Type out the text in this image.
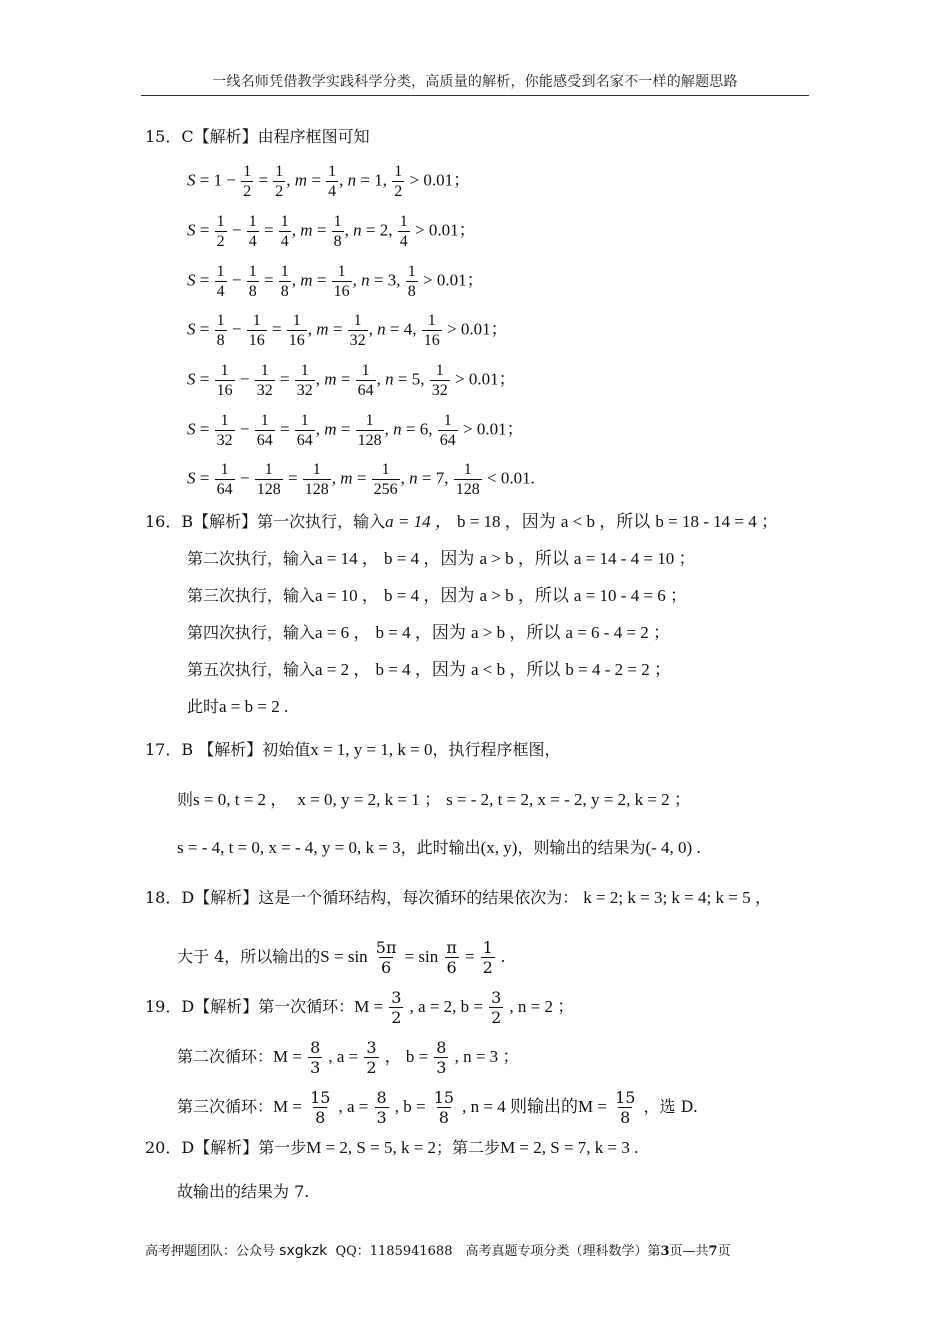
一线名师凭借教学实践科学分类，高质量的解析，你能感受到名家不一样的解题思路
15．C【解析】由程序框图可知
$S = 1 - \frac{1}{2} = \frac{1}{2}$ , $m = \frac{1}{4}$ , n = 1, $\frac{1}{2} > 0.01$；
$S = \frac{1}{2} - \frac{1}{4} = \frac{1}{4}$ , $m = \frac{1}{8}$ , n = 2, $\frac{1}{4} > 0.01$；
$S = \frac{1}{4} - \frac{1}{8} = \frac{1}{8}$ , $m = \frac{1}{16}$ , n = 3, $\frac{1}{8} > 0.01$；
$S = \frac{1}{8} - \frac{1}{16} = \frac{1}{16}$ , $m = \frac{1}{32}$ , n = 4, $\frac{1}{16} > 0.01$；
$S = \frac{1}{16} - \frac{1}{32} = \frac{1}{32}$ , $m = \frac{1}{64}$ , n = 5, $\frac{1}{32} > 0.01$；
$S = \frac{1}{32} - \frac{1}{64} = \frac{1}{64}$ , $m = \frac{1}{128}$ , n = 6, $\frac{1}{64} > 0.01$；
$S = \frac{1}{64} - \frac{1}{128} = \frac{1}{128}$ , $m = \frac{1}{256}$ , n = 7, $\frac{1}{128} < 0.01$.
16．B【解析】第一次执行，输入a = 14 ， b = 18 ，因为 a < b ，所以 b = 18 - 14 = 4 ；
第二次执行，输入a = 14 ， b = 4 ，因为 a > b ，所以 a = 14 - 4 = 10 ；
第三次执行，输入a = 10 ， b = 4 ，因为 a > b ，所以 a = 10 - 4 = 6 ；
第四次执行，输入a = 6 ， b = 4 ，因为 a > b ，所以 a = 6 - 4 = 2 ；
第五次执行，输入a = 2 ， b = 4 ，因为 a < b ，所以 b = 4 - 2 = 2 ；
此时a = b = 2 .
17．B 【解析】初始值x = 1, y = 1, k = 0，执行程序框图，
则s = 0, t = 2 ， x = 0, y = 2, k = 1 ； s = - 2, t = 2, x = - 2, y = 2, k = 2 ；
s = - 4, t = 0, x = - 4, y = 0, k = 3，此时输出(x, y)，则输出的结果为(- 4, 0) .
18．D【解析】这是一个循环结构，每次循环的结果依次为： k = 2; k = 3; k = 4; k = 5 ，
大于 4，所以输出的$S = \sin \frac{5\pi}{6} = \sin \frac{\pi}{6} = \frac{1}{2}$ .
19．D【解析】第一次循环：$M = \frac{3}{2}$ , a = 2, $b = \frac{3}{2}$ , n = 2 ；
第二次循环：$M = \frac{8}{3}$ , $a = \frac{3}{2}$ ， $b = \frac{8}{3}$ , n = 3 ；
第三次循环：$M = \frac{15}{8}$ , $a = \frac{8}{3}$ , $b = \frac{15}{8}$ , n = 4 则输出的$M = \frac{15}{8}$ ，选 D.
20．D【解析】第一步M = 2, S = 5, k = 2；第二步M = 2, S = 7, k = 3 .
故输出的结果为 7.
高考押题团队：公众号 sxgkzk QQ：1185941688　高考真题专项分类（理科数学）第3页—共7页
